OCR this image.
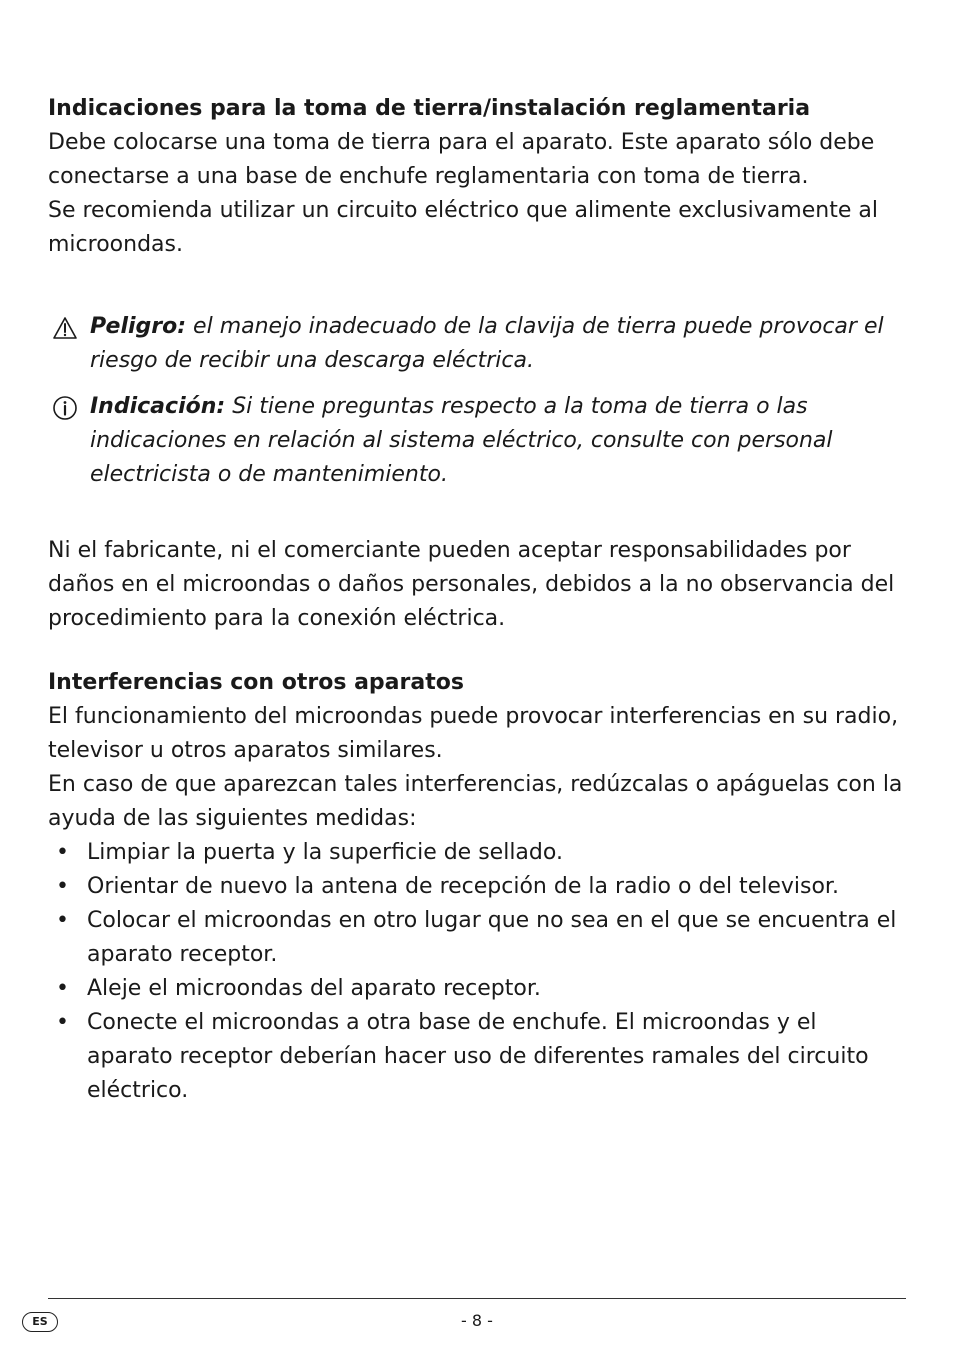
Indicaciones para la toma de tierra/instalación reglamentaria

Debe colocarse una toma de tierra para el aparato. Este aparato sólo debe conectarse a una base de enchufe reglamentaria con toma de tierra.

Se recomienda utilizar un circuito eléctrico que alimente exclusivamente al microondas.

Peligro: el manejo inadecuado de la clavija de tierra puede provocar el riesgo de recibir una descarga eléctrica.
Indicación: Si tiene preguntas respecto a la toma de tierra o las indicaciones en relación al sistema eléctrico, consulte con personal electricista o de mantenimiento.

Ni el fabricante, ni el comerciante pueden aceptar responsabilidades por daños en el microondas o daños personales, debidos a la no observancia del procedimiento para la conexión eléctrica.

Interferencias con otros aparatos

El funcionamiento del microondas puede provocar interferencias en su radio, televisor u otros aparatos similares.

En caso de que aparezcan tales interferencias, redúzcalas o apáguelas con la ayuda de las siguientes medidas:

• Limpiar la puerta y la superficie de sellado.
• Orientar de nuevo la antena de recepción de la radio o del televisor.
• Colocar el microondas en otro lugar que no sea en el que se encuentra el aparato receptor.
• Aleje el microondas del aparato receptor.
• Conecte el microondas a otra base de enchufe. El microondas y el aparato receptor deberían hacer uso de diferentes ramales del circuito eléctrico.
ES	- 8 -
